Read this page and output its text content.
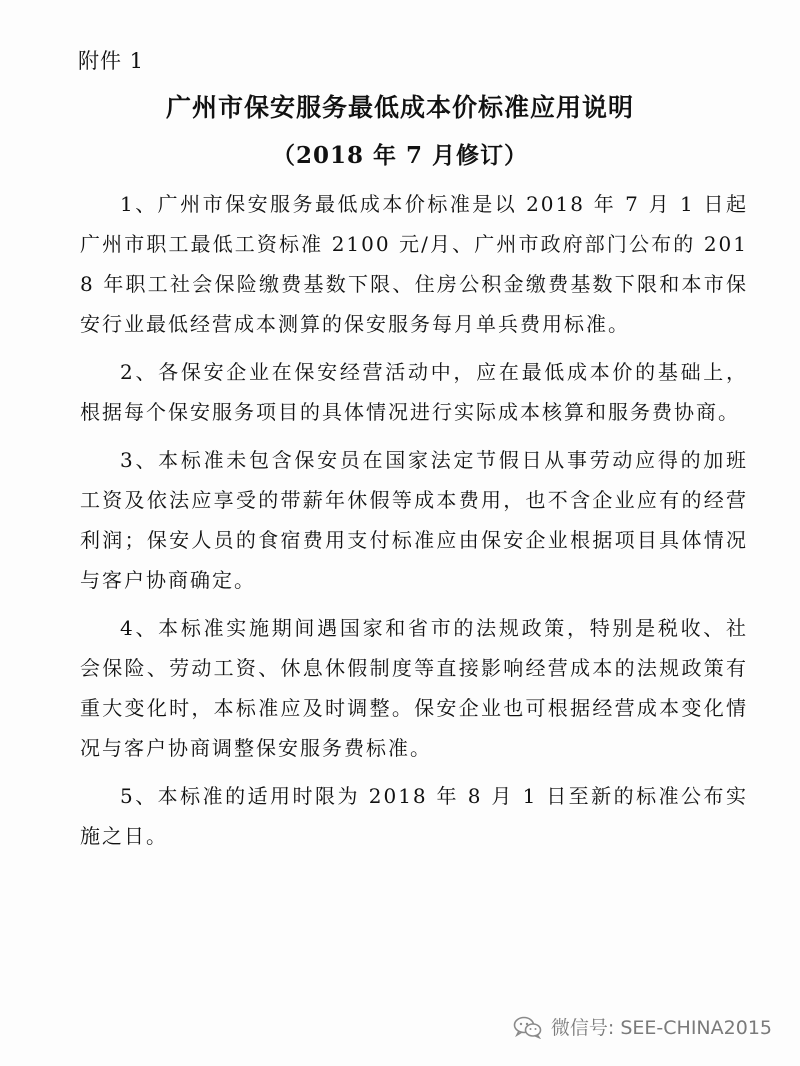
附件 1
广州市保安服务最低成本价标准应用说明
（2018 年 7 月修订）

1、广州市保安服务最低成本价标准是以 2018 年 7 月 1 日起广州市职工最低工资标准 2100 元/月、广州市政府部门公布的 2018 年职工社会保险缴费基数下限、住房公积金缴费基数下限和本市保安行业最低经营成本测算的保安服务每月单兵费用标准。

2、各保安企业在保安经营活动中，应在最低成本价的基础上，根据每个保安服务项目的具体情况进行实际成本核算和服务费协商。

3、本标准未包含保安员在国家法定节假日从事劳动应得的加班工资及依法应享受的带薪年休假等成本费用，也不含企业应有的经营利润；保安人员的食宿费用支付标准应由保安企业根据项目具体情况与客户协商确定。

4、本标准实施期间遇国家和省市的法规政策，特别是税收、社会保险、劳动工资、休息休假制度等直接影响经营成本的法规政策有重大变化时，本标准应及时调整。保安企业也可根据经营成本变化情况与客户协商调整保安服务费标准。

5、本标准的适用时限为 2018 年 8 月 1 日至新的标准公布实施之日。

微信号: SEE-CHINA2015
